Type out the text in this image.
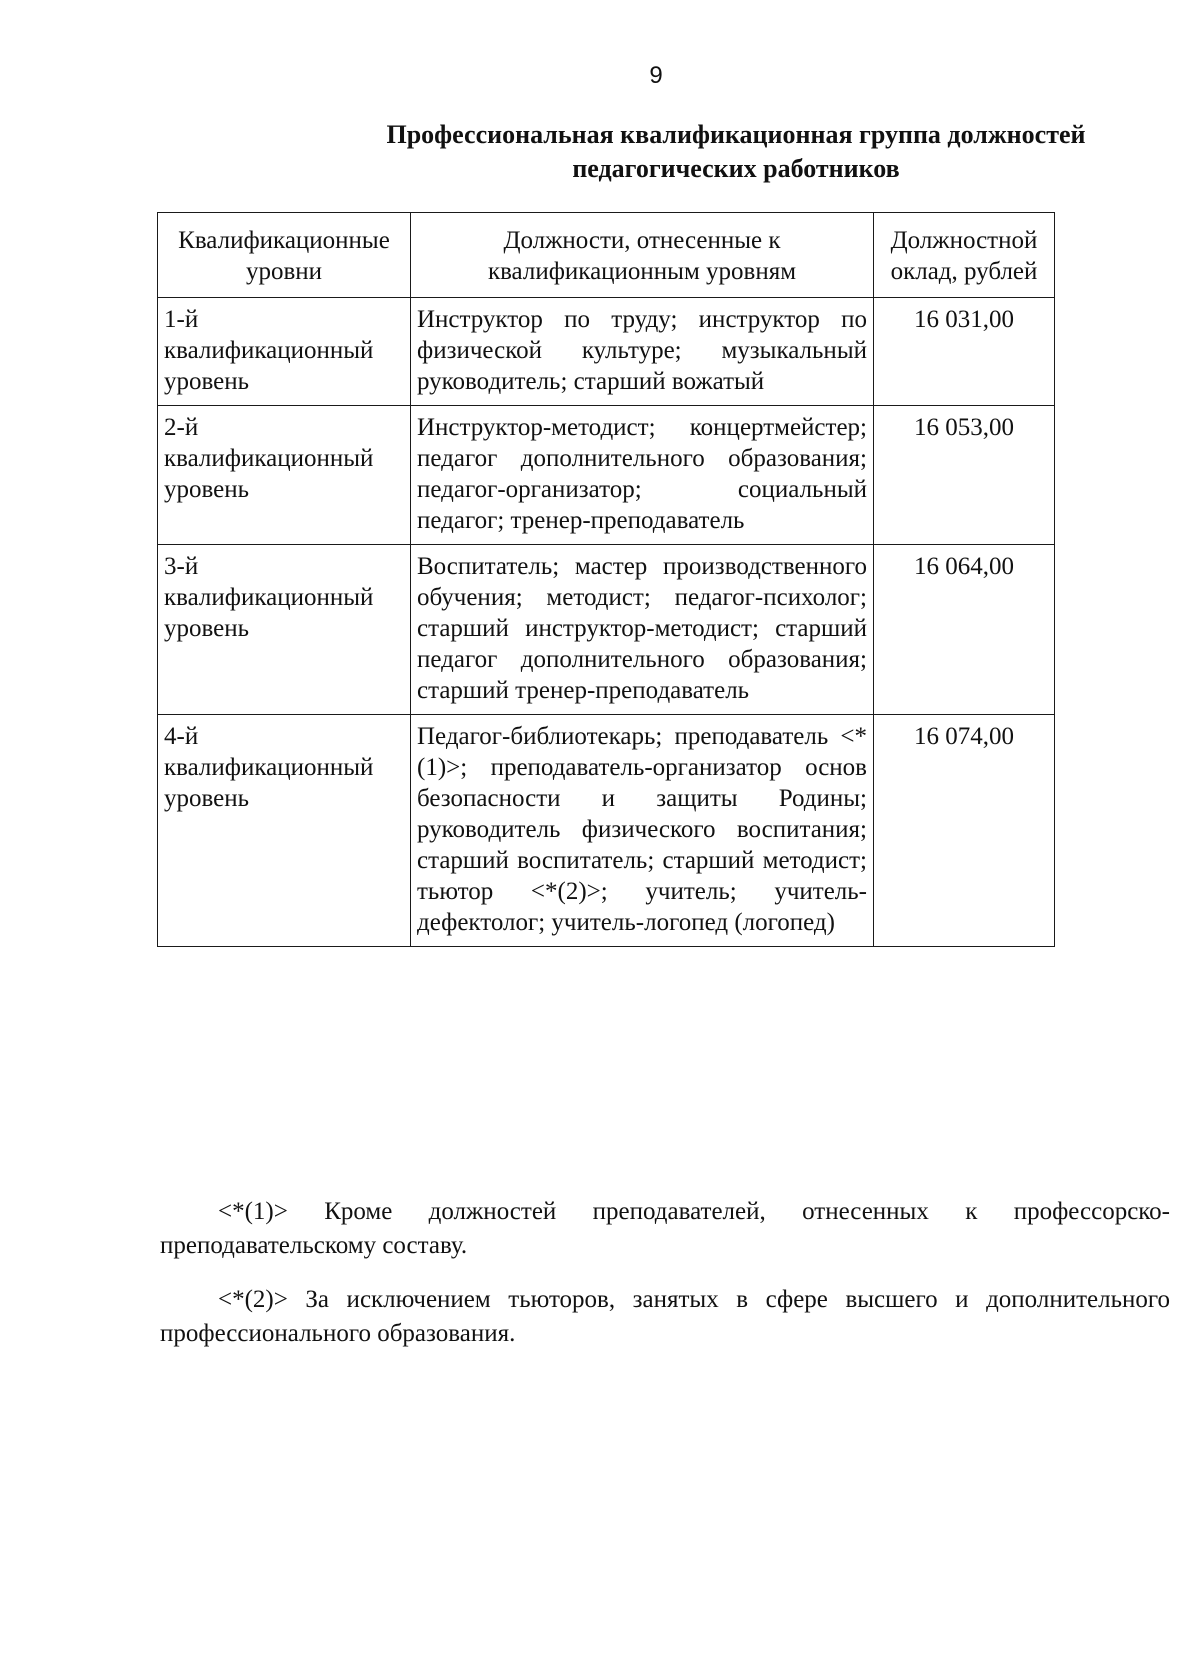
9
Профессиональная квалификационная группа должностей
педагогических работников
Квалификационные уровни	Должности, отнесенные к квалификационным уровням	Должностной оклад, рублей
1-й квалификационный уровень	Инструктор по труду; инструктор по физической культуре; музыкальный руководитель; старший вожатый	16 031,00
2-й квалификационный уровень	Инструктор-методист; концертмейстер; педагог дополнительного образования; педагог-организатор; социальный педагог; тренер-преподаватель	16 053,00
3-й квалификационный уровень	Воспитатель; мастер производственного обучения; методист; педагог-психолог; старший инструктор-методист; старший педагог дополнительного образования; старший тренер-преподаватель	16 064,00
4-й квалификационный уровень	Педагог-библиотекарь; преподаватель <*(1)>; преподаватель-организатор основ безопасности и защиты Родины; руководитель физического воспитания; старший воспитатель; старший методист; тьютор <*(2)>; учитель; учитель-дефектолог; учитель-логопед (логопед)	16 074,00

<*(1)> Кроме должностей преподавателей, отнесенных к профессорско-преподавательскому составу.

<*(2)> За исключением тьюторов, занятых в сфере высшего и дополнительного профессионального образования.
